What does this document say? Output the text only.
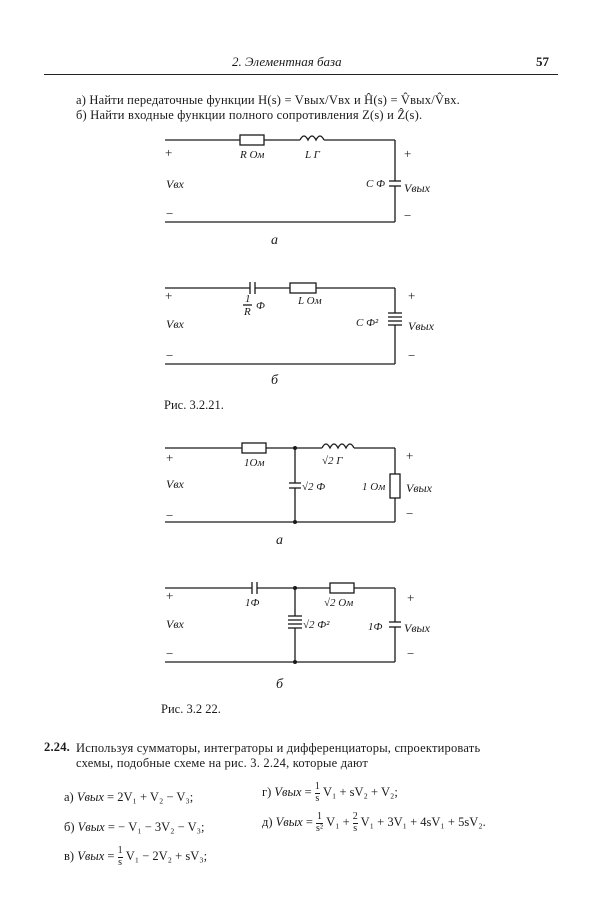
2. Элементная база	57
а) Найти передаточные функции H(s) = Vвых/Vвх и Ĥ(s) = V̂вых/V̂вх.
б) Найти входные функции полного сопротивления Z(s) и Ẑ(s).
R Ом	L Г
C Ф
+
−
+
−
Vвх	Vвых
а
1
R Ф	L Ом
C Ф²
+
−
+
−
Vвх	Vвых
б
1Ом	√2 Г
√2 Ф	1 Ом
+
−
+
−
Vвх	Vвых
а
1Ф	√2 Ом
√2 Ф²	1Ф
+
−
+
−
Vвх	Vвых
б
Рис. 3.2.21.
Рис. 3.2 22.
2.24. Используя сумматоры, интеграторы и дифференциаторы, спроектировать
схемы, подобные схеме на рис. 3. 2.24, которые дают
а) Vвых = 2V₁ + V₂ − V₃;	г) Vвых = $\frac{1}{s} V_1 + sV_2 + V_2$;
б) Vвых = − V₁ − 3V₂ − V₃;	д) Vвых = $\frac{1}{\text{s²}} V_1 + \frac{2}{s} V_1 + 3V_1 + 4sV_1 + 5sV_2$.
в) Vвых = $\frac{1}{s} V_1 - 2V_2 + sV_3$;
